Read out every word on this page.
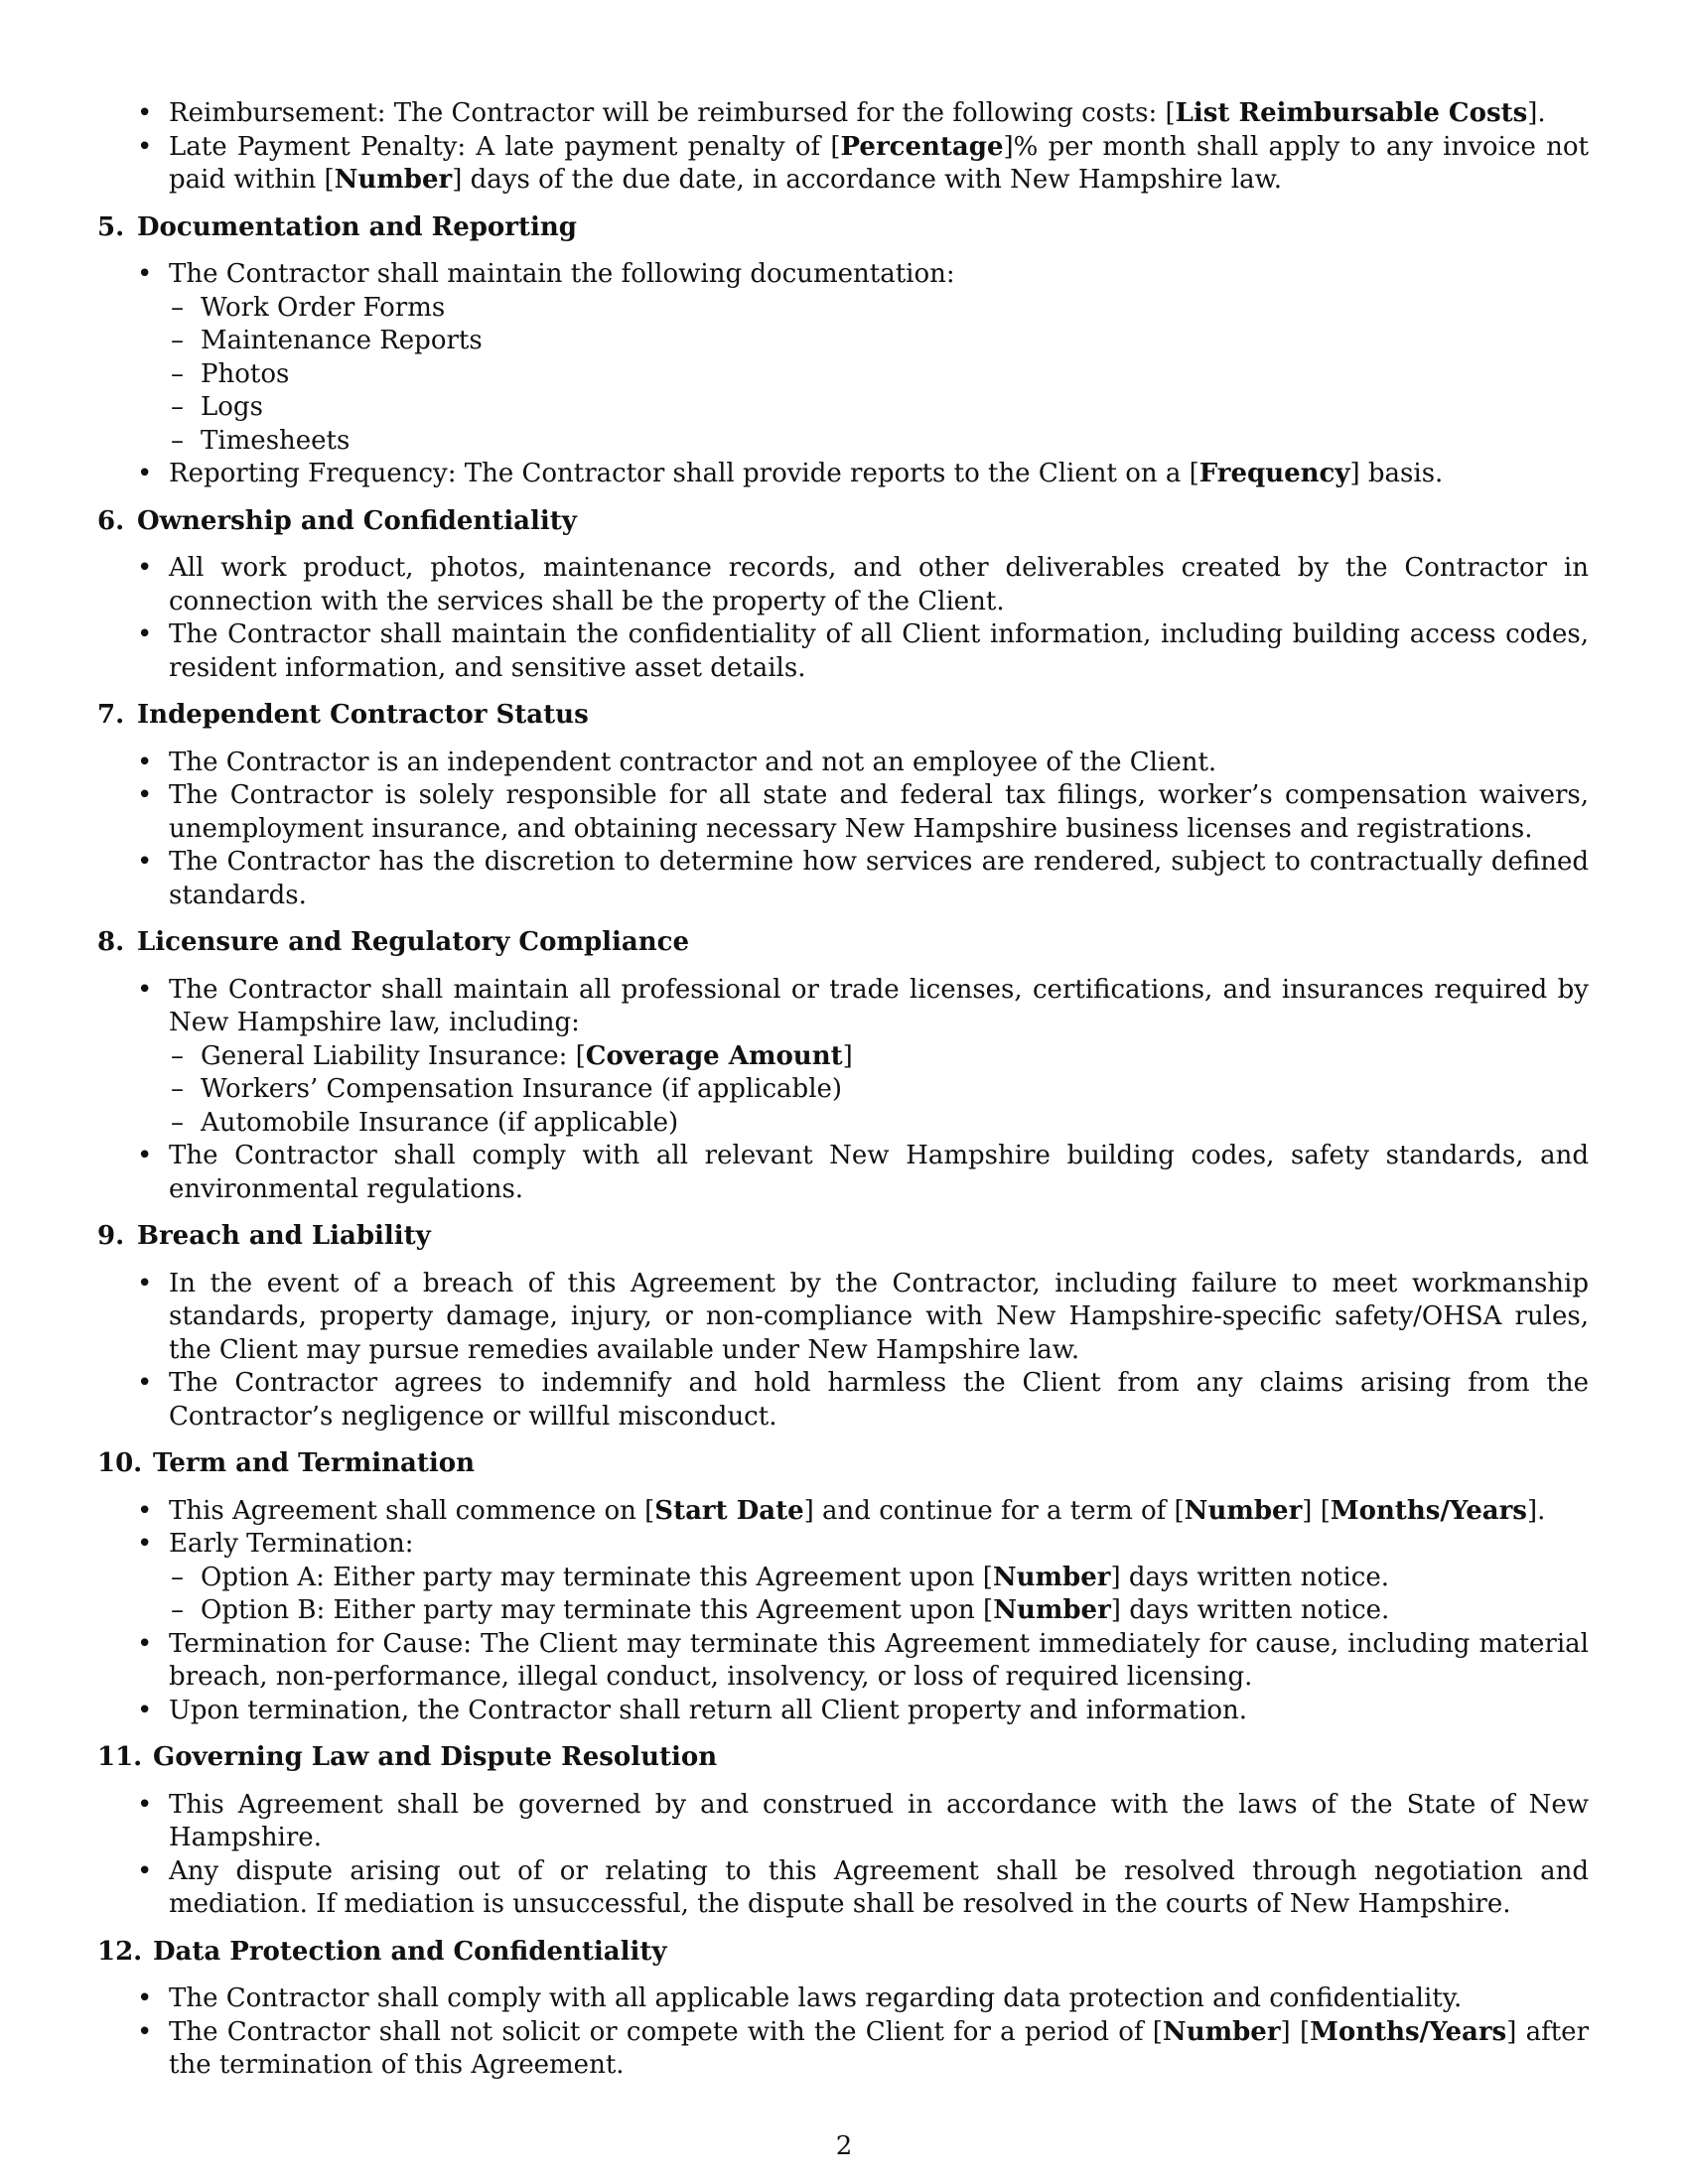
• Reimbursement: The Contractor will be reimbursed for the following costs: [List Reimbursable Costs].
• Late Payment Penalty: A late payment penalty of [Percentage]% per month shall apply to any invoice not paid within [Number] days of the due date, in accordance with New Hampshire law.
5. Documentation and Reporting
• The Contractor shall maintain the following documentation:
– Work Order Forms
– Maintenance Reports
– Photos
– Logs
– Timesheets
• Reporting Frequency: The Contractor shall provide reports to the Client on a [Frequency] basis.
6. Ownership and Confidentiality
• All work product, photos, maintenance records, and other deliverables created by the Contractor in connection with the services shall be the property of the Client.
• The Contractor shall maintain the confidentiality of all Client information, including building access codes, resident information, and sensitive asset details.
7. Independent Contractor Status
• The Contractor is an independent contractor and not an employee of the Client.
• The Contractor is solely responsible for all state and federal tax filings, worker’s compensation waivers, unemployment insurance, and obtaining necessary New Hampshire business licenses and registrations.
• The Contractor has the discretion to determine how services are rendered, subject to contractually defined standards.
8. Licensure and Regulatory Compliance
• The Contractor shall maintain all professional or trade licenses, certifications, and insurances required by New Hampshire law, including:
– General Liability Insurance: [Coverage Amount]
– Workers’ Compensation Insurance (if applicable)
– Automobile Insurance (if applicable)
• The Contractor shall comply with all relevant New Hampshire building codes, safety standards, and environmental regulations.
9. Breach and Liability
• In the event of a breach of this Agreement by the Contractor, including failure to meet workmanship standards, property damage, injury, or non-compliance with New Hampshire-specific safety/OHSA rules, the Client may pursue remedies available under New Hampshire law.
• The Contractor agrees to indemnify and hold harmless the Client from any claims arising from the Contractor’s negligence or willful misconduct.
10. Term and Termination
• This Agreement shall commence on [Start Date] and continue for a term of [Number] [Months/Years].
• Early Termination:
– Option A: Either party may terminate this Agreement upon [Number] days written notice.
– Option B: Either party may terminate this Agreement upon [Number] days written notice.
• Termination for Cause: The Client may terminate this Agreement immediately for cause, including material breach, non-performance, illegal conduct, insolvency, or loss of required licensing.
• Upon termination, the Contractor shall return all Client property and information.
11. Governing Law and Dispute Resolution
• This Agreement shall be governed by and construed in accordance with the laws of the State of New Hampshire.
• Any dispute arising out of or relating to this Agreement shall be resolved through negotiation and mediation. If mediation is unsuccessful, the dispute shall be resolved in the courts of New Hampshire.
12. Data Protection and Confidentiality
• The Contractor shall comply with all applicable laws regarding data protection and confidentiality.
• The Contractor shall not solicit or compete with the Client for a period of [Number] [Months/Years] after the termination of this Agreement.
2
